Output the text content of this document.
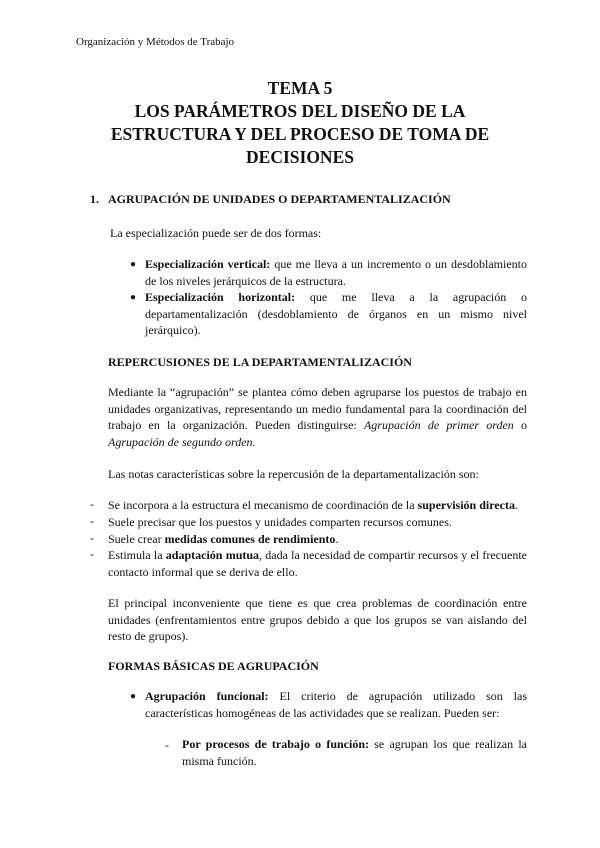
Organización y Métodos de Trabajo
TEMA 5
LOS PARÁMETROS DEL DISEÑO DE LA
ESTRUCTURA Y DEL PROCESO DE TOMA DE
DECISIONES
1. AGRUPACIÓN DE UNIDADES O DEPARTAMENTALIZACIÓN
La especialización puede ser de dos formas:
● Especialización vertical: que me lleva a un incremento o un desdoblamiento de los niveles jerárquicos de la estructura.
● Especialización horizontal: que me lleva a la agrupación o departamentalización (desdoblamiento de órganos en un mismo nivel jerárquico).
REPERCUSIONES DE LA DEPARTAMENTALIZACIÓN
Mediante la “agrupación” se plantea cómo deben agruparse los puestos de trabajo en unidades organizativas, representando un medio fundamental para la coordinación del trabajo en la organización. Pueden distinguirse: Agrupación de primer orden o Agrupación de segundo orden.
Las notas características sobre la repercusión de la departamentalización son:
- Se incorpora a la estructura el mecanismo de coordinación de la supervisión directa.
- Suele precisar que los puestos y unidades comparten recursos comunes.
- Suele crear medidas comunes de rendimiento.
- Estimula la adaptación mutua, dada la necesidad de compartir recursos y el frecuente contacto informal que se deriva de ello.
El principal inconveniente que tiene es que crea problemas de coordinación entre unidades (enfrentamientos entre grupos debido a que los grupos se van aislando del resto de grupos).
FORMAS BÁSICAS DE AGRUPACIÓN
● Agrupación funcional: El criterio de agrupación utilizado son las características homogéneas de las actividades que se realizan. Pueden ser:
- Por procesos de trabajo o función: se agrupan los que realizan la misma función.
